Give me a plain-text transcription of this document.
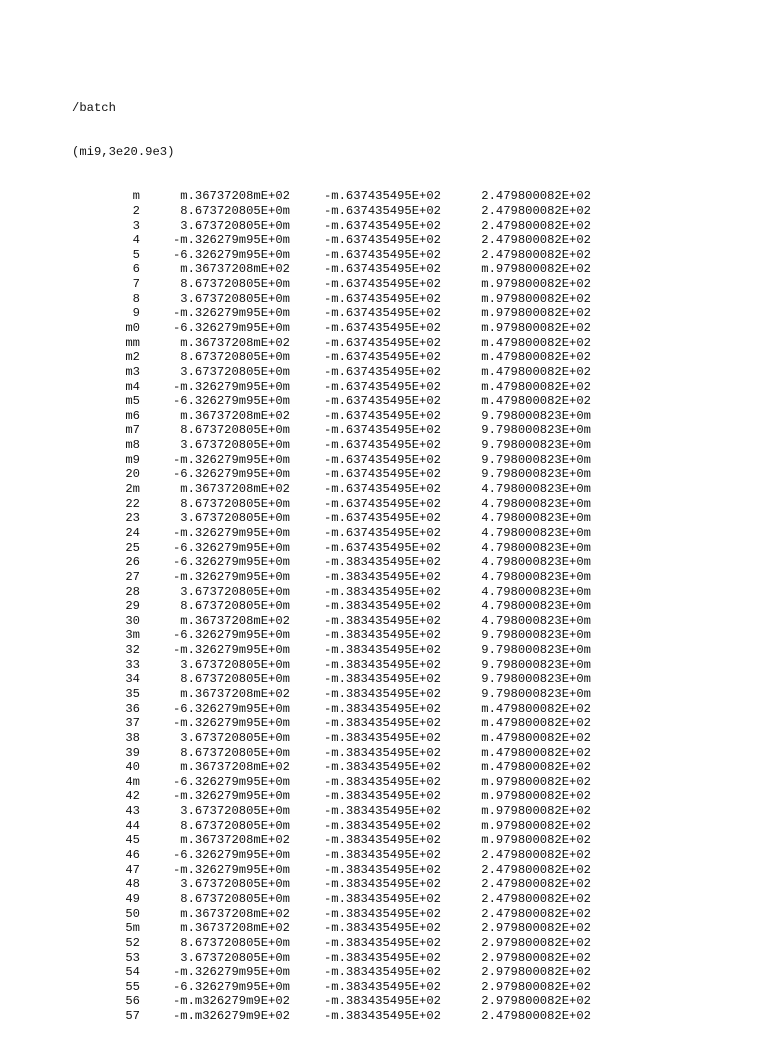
/batch

(mi9,3e20.9e3)

m	m.36737208mE+02	-m.637435495E+02	2.479800082E+02
2	8.673720805E+0m	-m.637435495E+02	2.479800082E+02
3	3.673720805E+0m	-m.637435495E+02	2.479800082E+02
4	-m.326279m95E+0m	-m.637435495E+02	2.479800082E+02
5	-6.326279m95E+0m	-m.637435495E+02	2.479800082E+02
6	m.36737208mE+02	-m.637435495E+02	m.979800082E+02
7	8.673720805E+0m	-m.637435495E+02	m.979800082E+02
8	3.673720805E+0m	-m.637435495E+02	m.979800082E+02
9	-m.326279m95E+0m	-m.637435495E+02	m.979800082E+02
m0	-6.326279m95E+0m	-m.637435495E+02	m.979800082E+02
mm	m.36737208mE+02	-m.637435495E+02	m.479800082E+02
m2	8.673720805E+0m	-m.637435495E+02	m.479800082E+02
m3	3.673720805E+0m	-m.637435495E+02	m.479800082E+02
m4	-m.326279m95E+0m	-m.637435495E+02	m.479800082E+02
m5	-6.326279m95E+0m	-m.637435495E+02	m.479800082E+02
m6	m.36737208mE+02	-m.637435495E+02	9.798000823E+0m
m7	8.673720805E+0m	-m.637435495E+02	9.798000823E+0m
m8	3.673720805E+0m	-m.637435495E+02	9.798000823E+0m
m9	-m.326279m95E+0m	-m.637435495E+02	9.798000823E+0m
20	-6.326279m95E+0m	-m.637435495E+02	9.798000823E+0m
2m	m.36737208mE+02	-m.637435495E+02	4.798000823E+0m
22	8.673720805E+0m	-m.637435495E+02	4.798000823E+0m
23	3.673720805E+0m	-m.637435495E+02	4.798000823E+0m
24	-m.326279m95E+0m	-m.637435495E+02	4.798000823E+0m
25	-6.326279m95E+0m	-m.637435495E+02	4.798000823E+0m
26	-6.326279m95E+0m	-m.383435495E+02	4.798000823E+0m
27	-m.326279m95E+0m	-m.383435495E+02	4.798000823E+0m
28	3.673720805E+0m	-m.383435495E+02	4.798000823E+0m
29	8.673720805E+0m	-m.383435495E+02	4.798000823E+0m
30	m.36737208mE+02	-m.383435495E+02	4.798000823E+0m
3m	-6.326279m95E+0m	-m.383435495E+02	9.798000823E+0m
32	-m.326279m95E+0m	-m.383435495E+02	9.798000823E+0m
33	3.673720805E+0m	-m.383435495E+02	9.798000823E+0m
34	8.673720805E+0m	-m.383435495E+02	9.798000823E+0m
35	m.36737208mE+02	-m.383435495E+02	9.798000823E+0m
36	-6.326279m95E+0m	-m.383435495E+02	m.479800082E+02
37	-m.326279m95E+0m	-m.383435495E+02	m.479800082E+02
38	3.673720805E+0m	-m.383435495E+02	m.479800082E+02
39	8.673720805E+0m	-m.383435495E+02	m.479800082E+02
40	m.36737208mE+02	-m.383435495E+02	m.479800082E+02
4m	-6.326279m95E+0m	-m.383435495E+02	m.979800082E+02
42	-m.326279m95E+0m	-m.383435495E+02	m.979800082E+02
43	3.673720805E+0m	-m.383435495E+02	m.979800082E+02
44	8.673720805E+0m	-m.383435495E+02	m.979800082E+02
45	m.36737208mE+02	-m.383435495E+02	m.979800082E+02
46	-6.326279m95E+0m	-m.383435495E+02	2.479800082E+02
47	-m.326279m95E+0m	-m.383435495E+02	2.479800082E+02
48	3.673720805E+0m	-m.383435495E+02	2.479800082E+02
49	8.673720805E+0m	-m.383435495E+02	2.479800082E+02
50	m.36737208mE+02	-m.383435495E+02	2.479800082E+02
5m	m.36737208mE+02	-m.383435495E+02	2.979800082E+02
52	8.673720805E+0m	-m.383435495E+02	2.979800082E+02
53	3.673720805E+0m	-m.383435495E+02	2.979800082E+02
54	-m.326279m95E+0m	-m.383435495E+02	2.979800082E+02
55	-6.326279m95E+0m	-m.383435495E+02	2.979800082E+02
56	-m.m326279m9E+02	-m.383435495E+02	2.979800082E+02
57	-m.m326279m9E+02	-m.383435495E+02	2.479800082E+02
